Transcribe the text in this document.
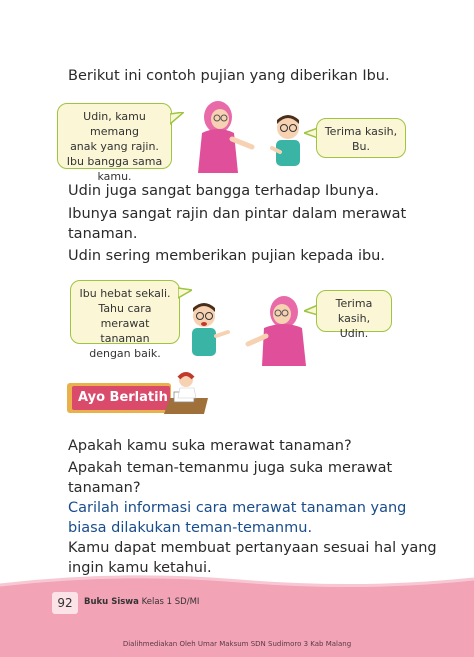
Berikut ini contoh pujian yang diberikan Ibu.

Udin, kamu memang
anak yang rajin.
Ibu bangga sama
kamu.
Terima kasih,
Bu.

Udin juga sangat bangga terhadap Ibunya.

Ibunya sangat rajin dan pintar dalam merawat

tanaman.

Udin sering memberikan pujian kepada ibu.

Ibu hebat sekali.
Tahu cara
merawat tanaman
dengan baik.
Terima kasih,
Udin.
Ayo Berlatih

Apakah kamu suka merawat tanaman?

Apakah teman-temanmu juga suka merawat

tanaman?

Carilah informasi cara merawat tanaman yang

biasa dilakukan teman-temanmu.

Kamu dapat membuat pertanyaan sesuai hal yang

ingin kamu ketahui.

92	Buku Siswa Kelas 1 SD/MI
Dialihmediakan Oleh Umar Maksum SDN Sudimoro 3 Kab Malang
